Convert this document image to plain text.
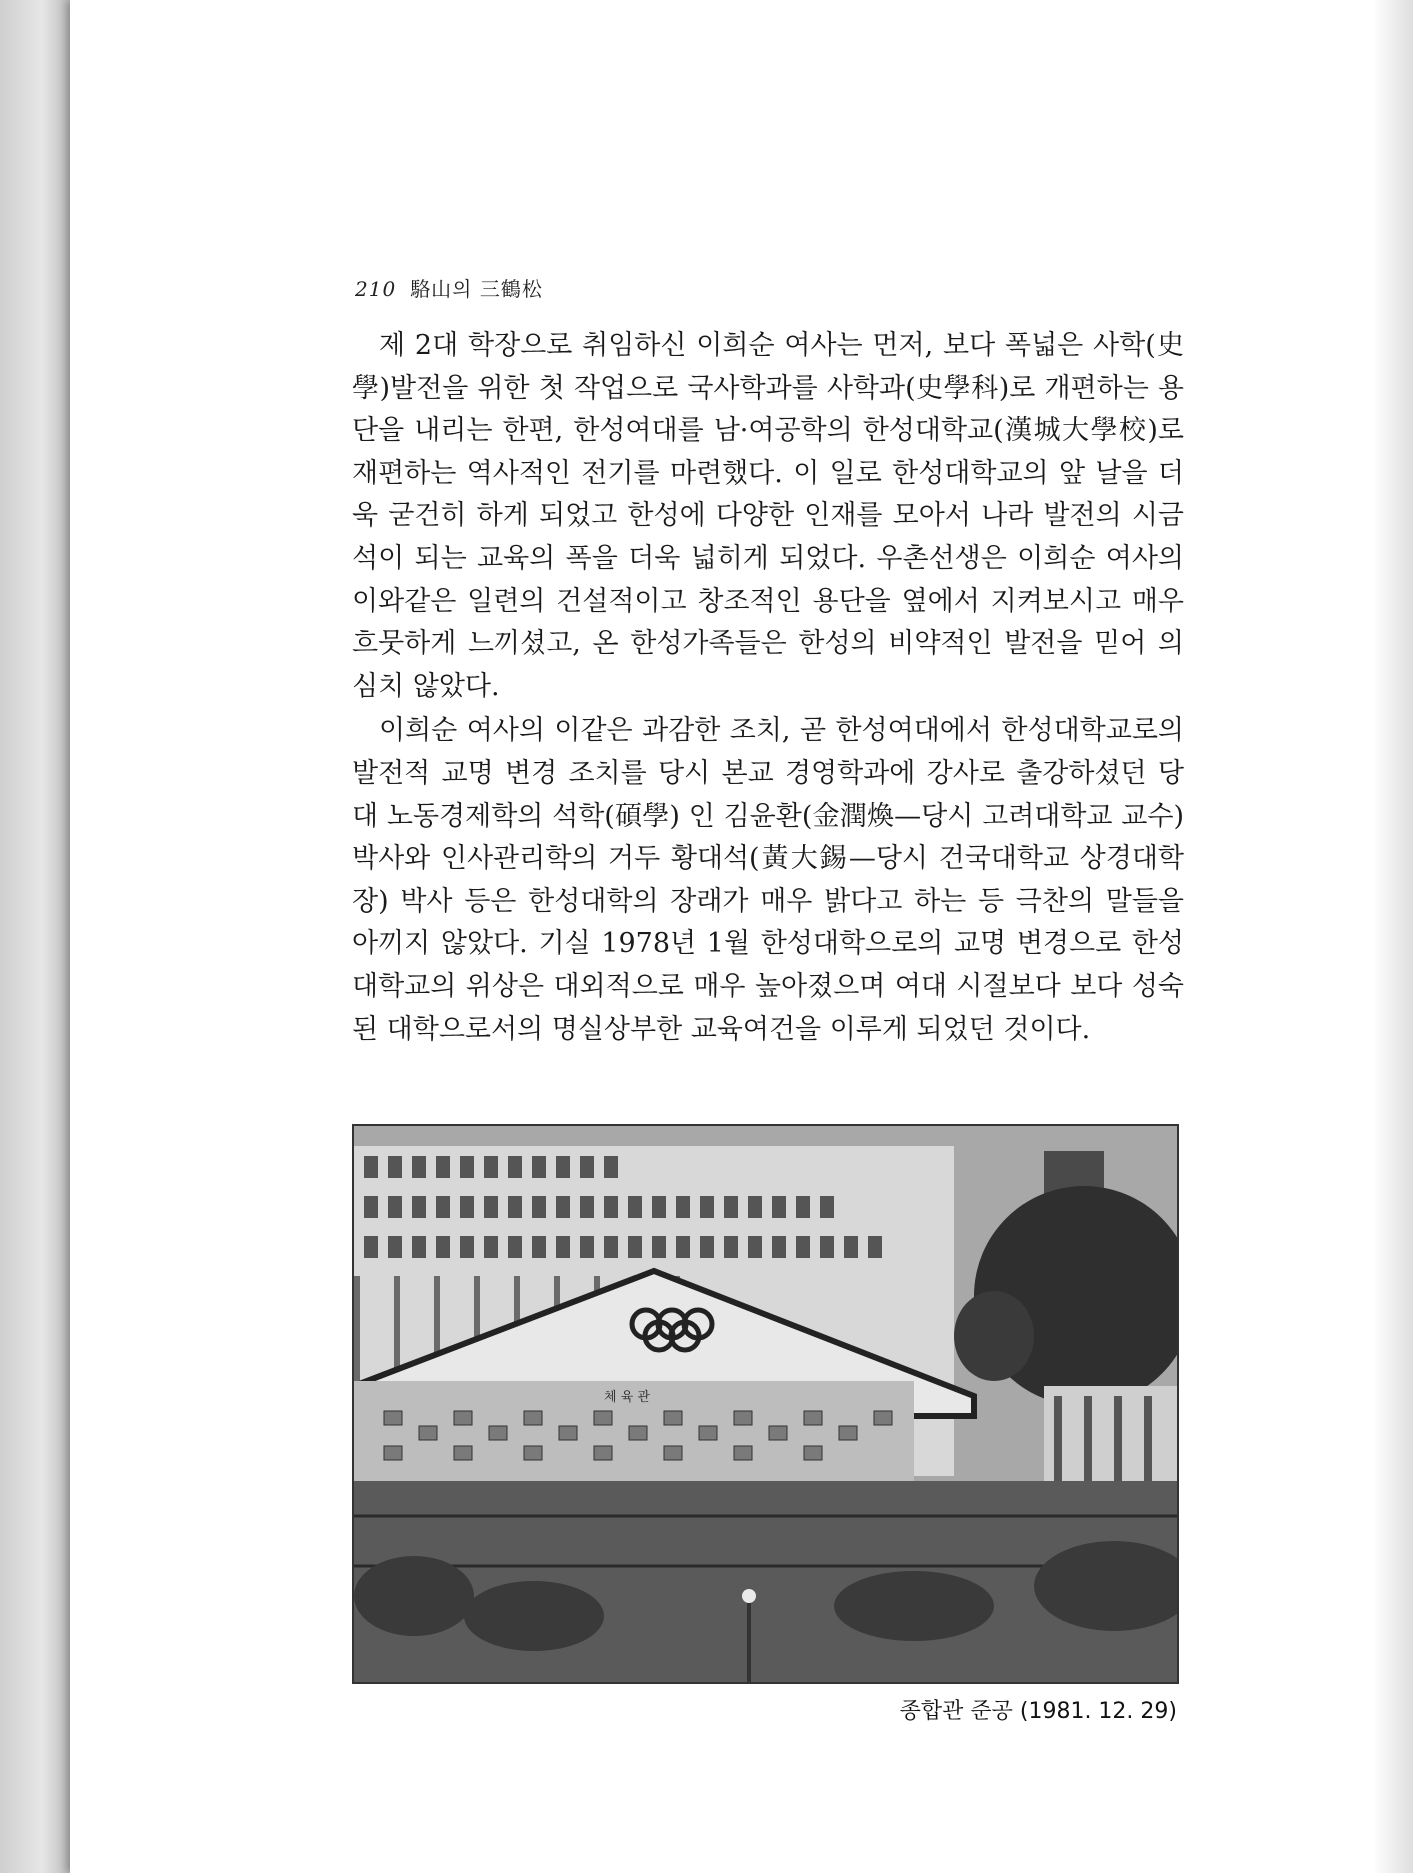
210 駱山의 三鶴松

제 2대 학장으로 취임하신 이희순 여사는 먼저, 보다 폭넓은 사학(史學)발전을 위한 첫 작업으로 국사학과를 사학과(史學科)로 개편하는 용단을 내리는 한편, 한성여대를 남·여공학의 한성대학교(漢城大學校)로 재편하는 역사적인 전기를 마련했다. 이 일로 한성대학교의 앞 날을 더욱 굳건히 하게 되었고 한성에 다양한 인재를 모아서 나라 발전의 시금석이 되는 교육의 폭을 더욱 넓히게 되었다. 우촌선생은 이희순 여사의 이와같은 일련의 건설적이고 창조적인 용단을 옆에서 지켜보시고 매우 흐뭇하게 느끼셨고, 온 한성가족들은 한성의 비약적인 발전을 믿어 의심치 않았다.

이희순 여사의 이같은 과감한 조치, 곧 한성여대에서 한성대학교로의 발전적 교명 변경 조치를 당시 본교 경영학과에 강사로 출강하셨던 당대 노동경제학의 석학(碩學) 인 김윤환(金潤煥—당시 고려대학교 교수) 박사와 인사관리학의 거두 황대석(黃大錫—당시 건국대학교 상경대학장) 박사 등은 한성대학의 장래가 매우 밝다고 하는 등 극찬의 말들을 아끼지 않았다. 기실 1978년 1월 한성대학으로의 교명 변경으로 한성대학교의 위상은 대외적으로 매우 높아졌으며 여대 시절보다 보다 성숙된 대학으로서의 명실상부한 교육여건을 이루게 되었던 것이다.

체 육 관
종합관 준공 (1981. 12. 29)
